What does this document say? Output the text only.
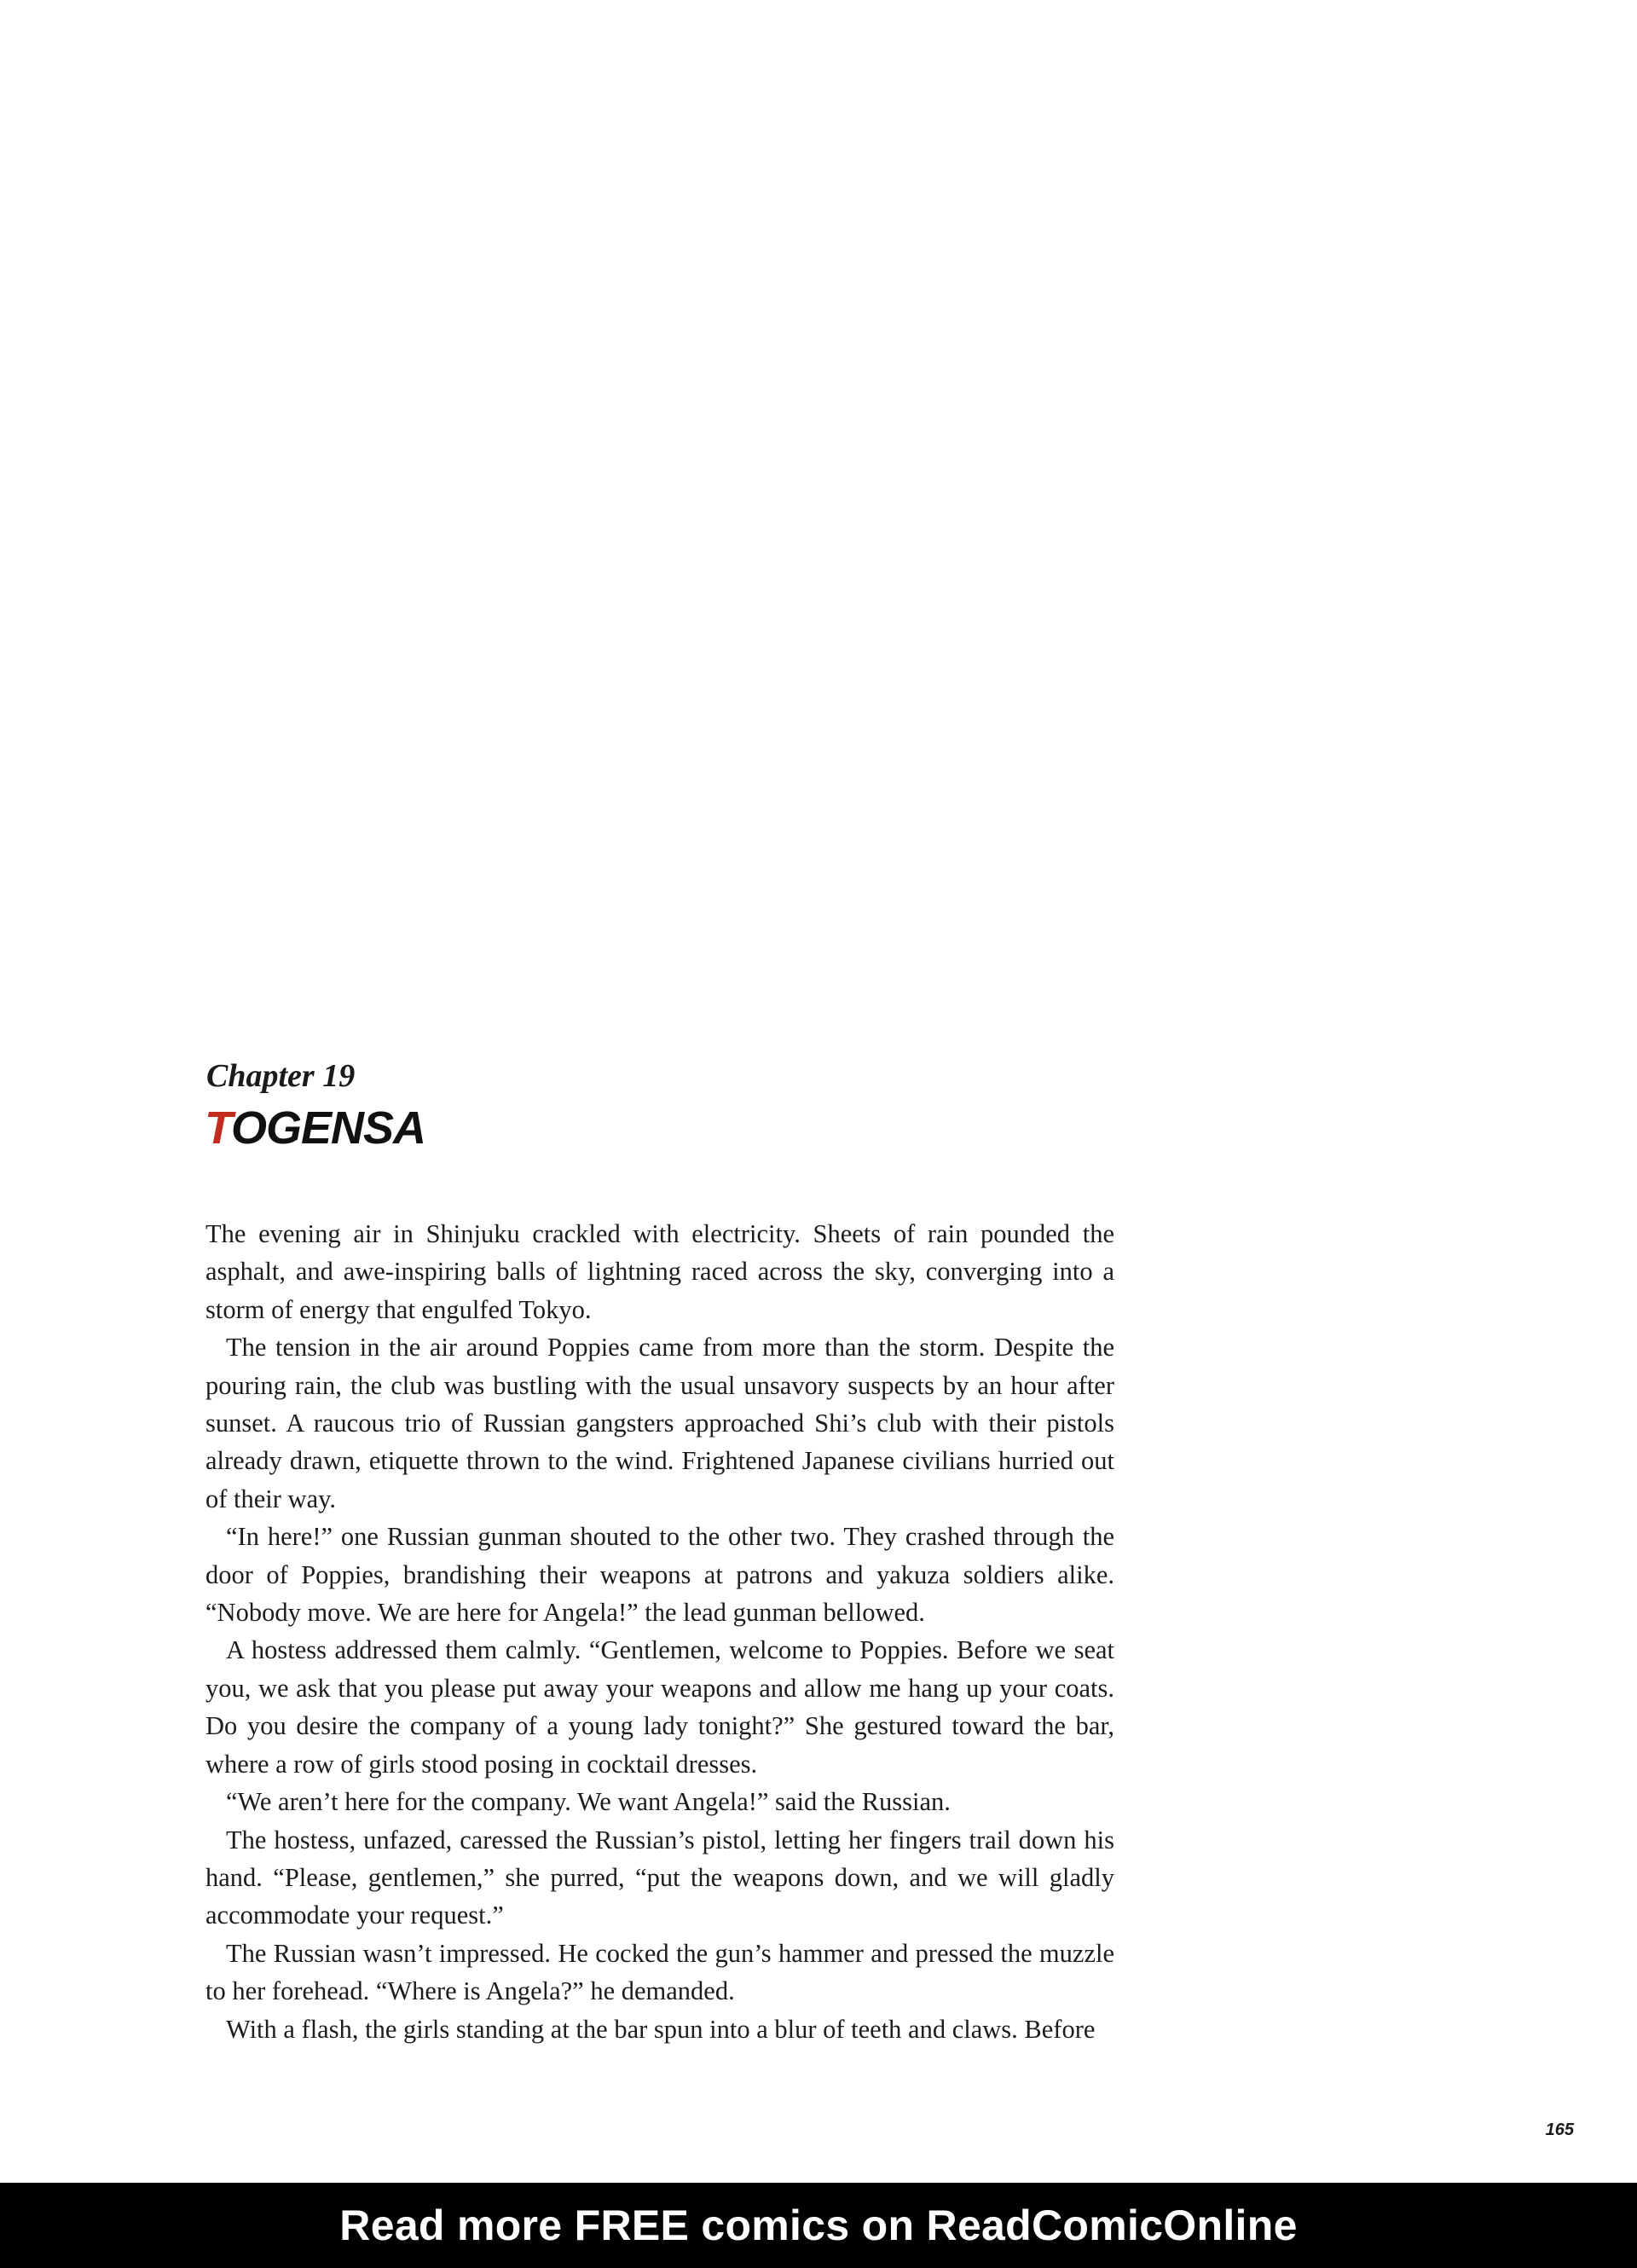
Chapter 19
TOGENSA

The evening air in Shinjuku crackled with electricity. Sheets of rain pounded the asphalt, and awe-inspiring balls of lightning raced across the sky, converging into a storm of energy that engulfed Tokyo.

The tension in the air around Poppies came from more than the storm. Despite the pouring rain, the club was bustling with the usual unsavory suspects by an hour after sunset. A raucous trio of Russian gangsters approached Shi’s club with their pistols already drawn, etiquette thrown to the wind. Frightened Japanese civilians hurried out of their way.

“In here!” one Russian gunman shouted to the other two. They crashed through the door of Poppies, brandishing their weapons at patrons and yakuza soldiers alike. “Nobody move. We are here for Angela!” the lead gunman bellowed.

A hostess addressed them calmly. “Gentlemen, welcome to Poppies. Before we seat you, we ask that you please put away your weapons and allow me hang up your coats. Do you desire the company of a young lady tonight?” She gestured toward the bar, where a row of girls stood posing in cocktail dresses.

“We aren’t here for the company. We want Angela!” said the Russian.

The hostess, unfazed, caressed the Russian’s pistol, letting her fingers trail down his hand. “Please, gentlemen,” she purred, “put the weapons down, and we will gladly accommodate your request.”

The Russian wasn’t impressed. He cocked the gun’s hammer and pressed the muzzle to her forehead. “Where is Angela?” he demanded.

With a flash, the girls standing at the bar spun into a blur of teeth and claws. Before

165
Read more FREE comics on ReadComicOnline
